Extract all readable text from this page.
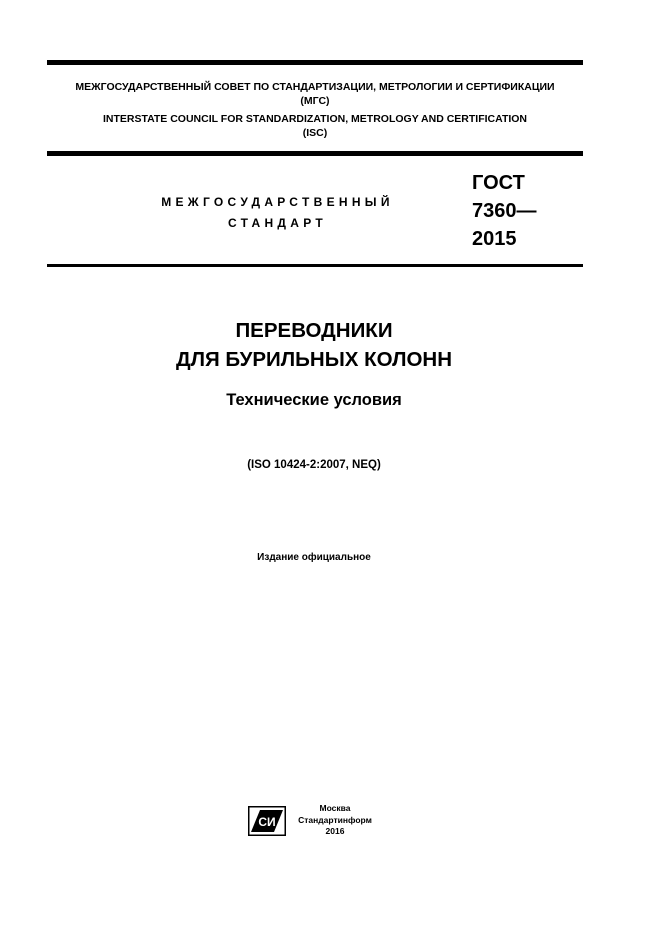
МЕЖГОСУДАРСТВЕННЫЙ СОВЕТ ПО СТАНДАРТИЗАЦИИ, МЕТРОЛОГИИ И СЕРТИФИКАЦИИ
(МГС)
INTERSTATE COUNCIL FOR STANDARDIZATION, METROLOGY AND CERTIFICATION
(ISC)
МЕЖГОСУДАРСТВЕННЫЙ
СТАНДАРТ
ГОСТ
7360—
2015
ПЕРЕВОДНИКИ
ДЛЯ БУРИЛЬНЫХ КОЛОНН
Технические условия
(ISO 10424-2:2007, NEQ)
Издание официальное
СИ
Москва
Стандартинформ
2016
